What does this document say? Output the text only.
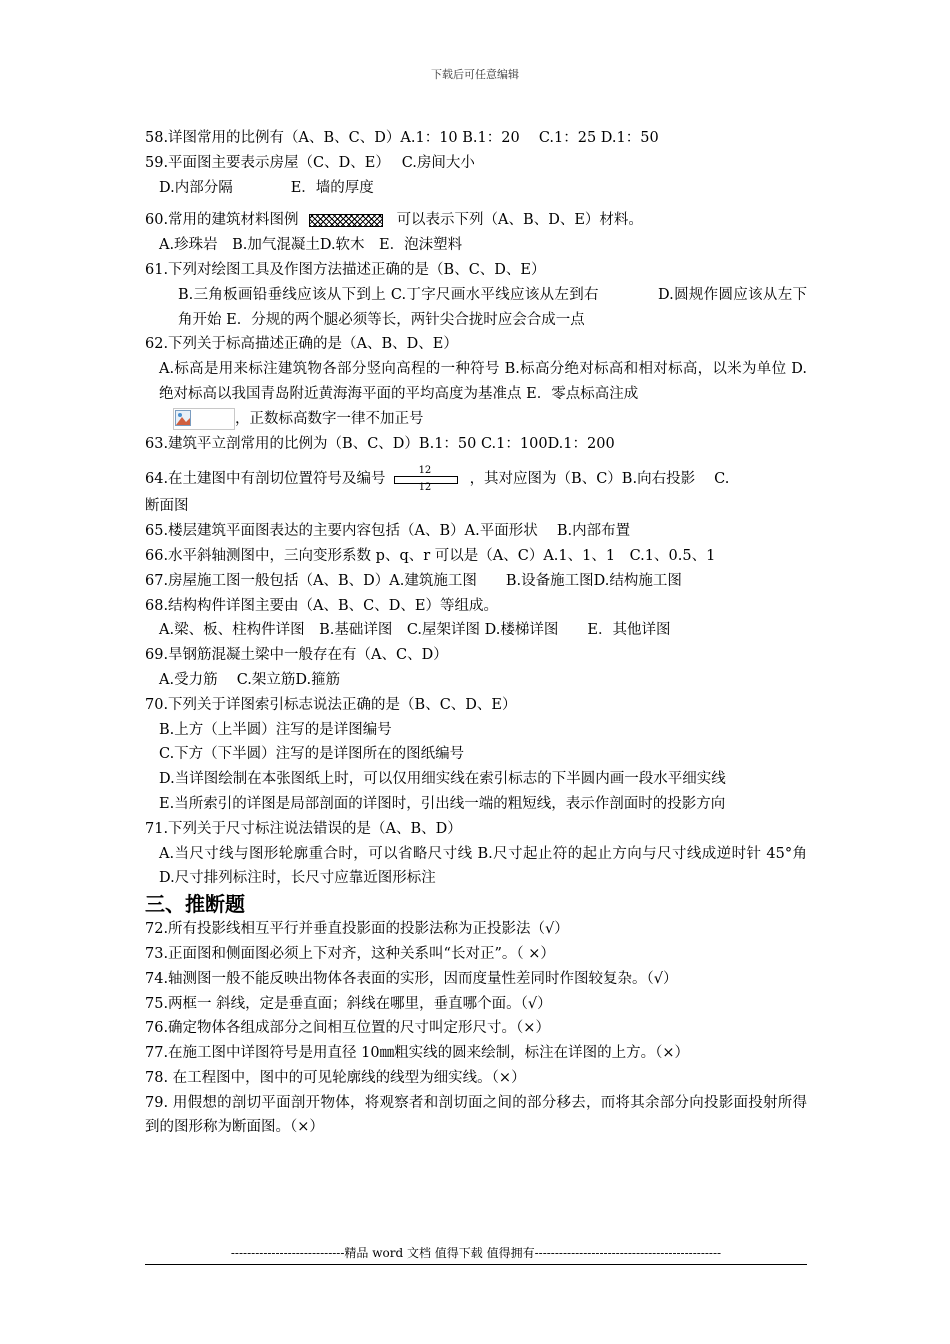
下载后可任意编辑
58.详图常用的比例有（A、B、C、D）A.1：10 B.1：20　 C.1：25 D.1：50
59.平面图主要表示房屋（C、D、E）　 C.房间大小
D.内部分隔　　　　E．墙的厚度
60.常用的建筑材料图例	可以表示下列（A、B、D、E）材料。
A.珍珠岩　B.加气混凝土D.软木　E．泡沫塑料
61.下列对绘图工具及作图方法描述正确的是（B、C、D、E）
B.三角板画铅垂线应该从下到上 C.丁字尺画水平线应该从左到右　　　　D.圆规作圆应该从左下角开始 E．分规的两个腿必须等长，两针尖合拢时应会合成一点
62.下列关于标高描述正确的是（A、B、D、E）
A.标高是用来标注建筑物各部分竖向高程的一种符号 B.标高分绝对标高和相对标高，以米为单位 D.绝对标高以我国青岛附近黄海海平面的平均高度为基准点 E．零点标高注成
，正数标高数字一律不加正号
63.建筑平立剖常用的比例为（B、C、D）B.1：50 C.1：100D.1：200
64.在土建图中有剖切位置符号及编号
12
12
，其对应图为（B、C）B.向右投影　 C.
断面图
65.楼层建筑平面图表达的主要内容包括（A、B）A.平面形状　 B.内部布置
66.水平斜轴测图中，三向变形系数 p、q、r 可以是（A、C）A.1、1、1　C.1、0.5、1
67.房屋施工图一般包括（A、B、D）A.建筑施工图　　B.设备施工图D.结构施工图
68.结构构件详图主要由（A、B、C、D、E）等组成。
A.梁、板、柱构件详图　B.基础详图　C.屋架详图 D.楼梯详图　　E．其他详图
69.旱钢筋混凝土梁中一般存在有（A、C、D）
A.受力筋　 C.架立筋D.箍筋
70.下列关于详图索引标志说法正确的是（B、C、D、E）
B.上方（上半圆）注写的是详图编号
C.下方（下半圆）注写的是详图所在的图纸编号
D.当详图绘制在本张图纸上时，可以仅用细实线在索引标志的下半圆内画一段水平细实线
E.当所索引的详图是局部剖面的详图时，引出线一端的粗短线，表示作剖面时的投影方向
71.下列关于尺寸标注说法错误的是（A、B、D）
A.当尺寸线与图形轮廓重合时，可以省略尺寸线 B.尺寸起止符的起止方向与尺寸线成逆时针 45°角 D.尺寸排列标注时，长尺寸应靠近图形标注
三、推断题
72.所有投影线相互平行并垂直投影面的投影法称为正投影法（√）
73.正面图和侧面图必须上下对齐，这种关系叫“长对正”。（ ×）
74.轴测图一般不能反映出物体各表面的实形，因而度量性差同时作图较复杂。（√）
75.两框一 斜线，定是垂直面；斜线在哪里，垂直哪个面。（√）
76.确定物体各组成部分之间相互位置的尺寸叫定形尺寸。（×）
77.在施工图中详图符号是用直径 10㎜粗实线的圆来绘制，标注在详图的上方。（×）
78. 在工程图中，图中的可见轮廓线的线型为细实线。（×）
79. 用假想的剖切平面剖开物体，将观察者和剖切面之间的部分移去，而将其余部分向投影面投射所得到的图形称为断面图。（×）
----------------------------精品 word 文档 值得下载 值得拥有----------------------------------------------
